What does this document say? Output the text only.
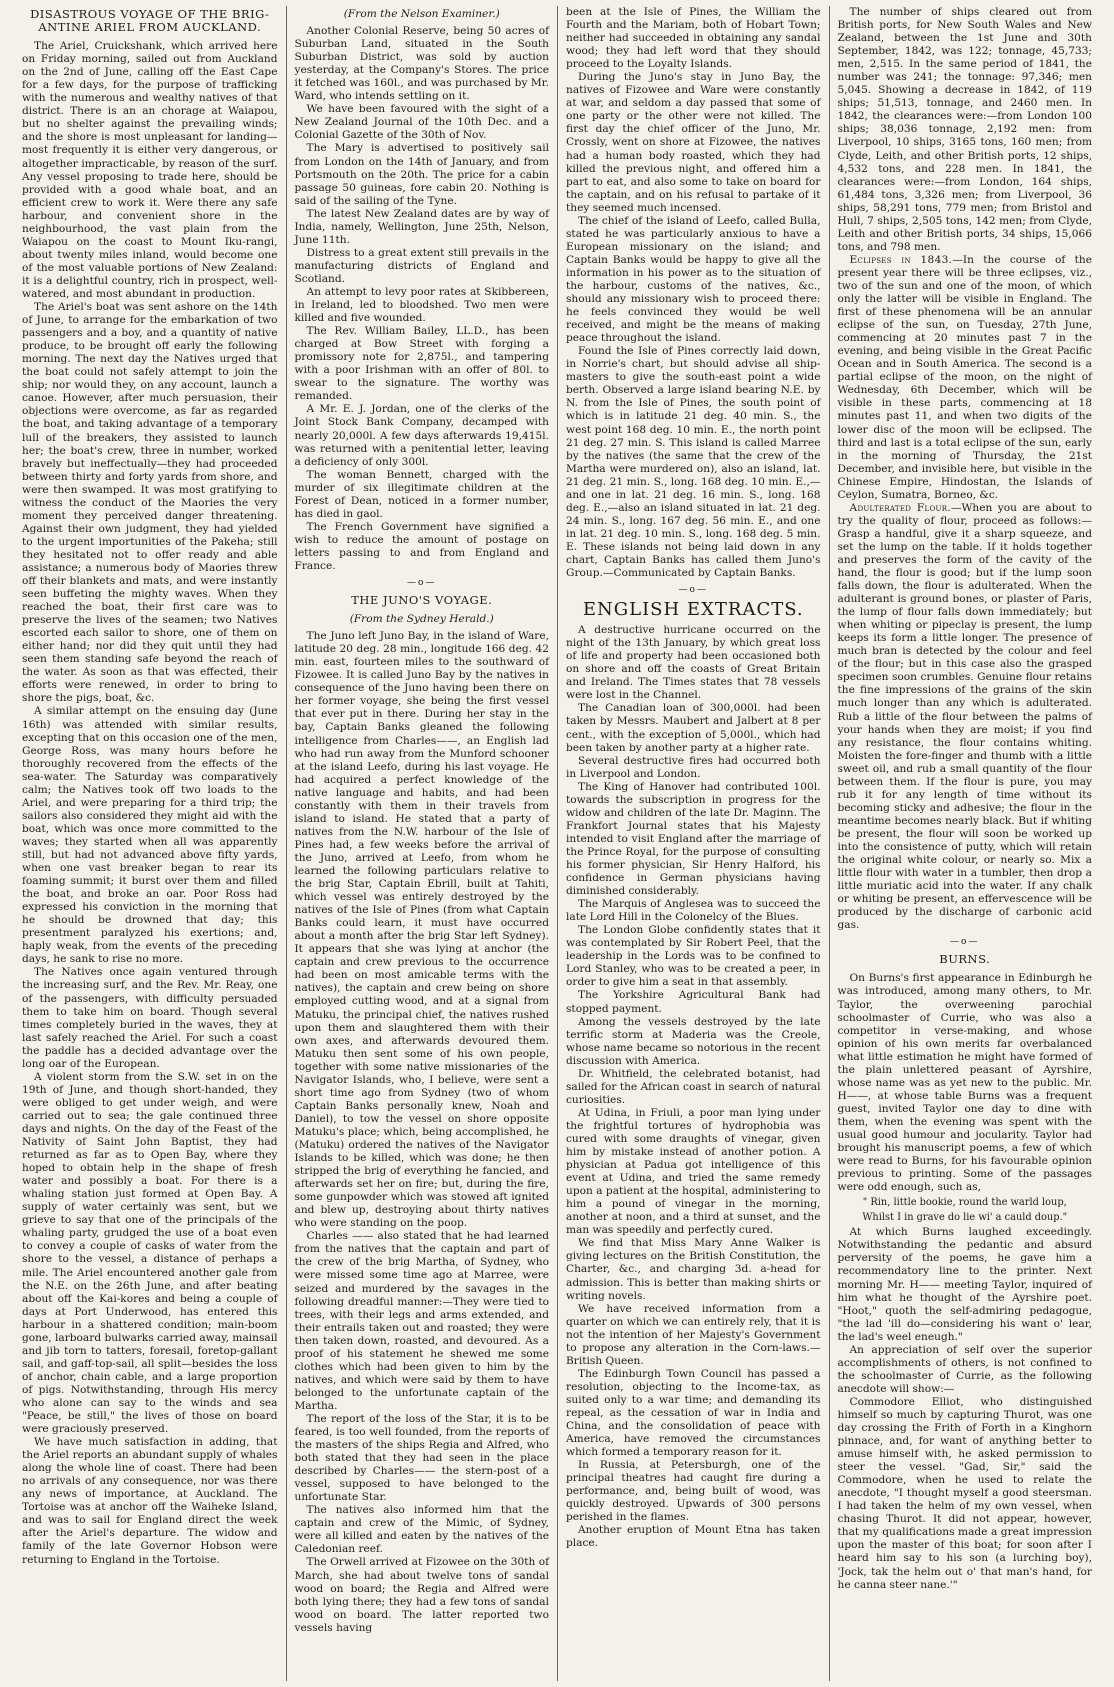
DISASTROUS VOYAGE OF THE BRIG-ANTINE ARIEL FROM AUCKLAND.

The Ariel, Cruickshank, which arrived here on Friday morning, sailed out from Auckland on the 2nd of June, calling off the East Cape for a few days, for the purpose of trafficking with the numerous and wealthy natives of that district. There is an an chorage at Waiapou, but no shelter against the prevailing winds; and the shore is most unpleasant for landing—most frequently it is either very dangerous, or altogether impracticable, by reason of the surf. Any vessel proposing to trade here, should be provided with a good whale boat, and an efficient crew to work it. Were there any safe harbour, and convenient shore in the neighbourhood, the vast plain from the Waiapou on the coast to Mount Iku-rangi, about twenty miles inland, would become one of the most valuable portions of New Zealand: it is a delightful country, rich in prospect, well-watered, and most abundant in production.

The Ariel's boat was sent ashore on the 14th of June, to arrange for the embarkation of two passengers and a boy, and a quantity of native produce, to be brought off early the following morning. The next day the Natives urged that the boat could not safely attempt to join the ship; nor would they, on any account, launch a canoe. However, after much persuasion, their objections were overcome, as far as regarded the boat, and taking advantage of a temporary lull of the breakers, they assisted to launch her; the boat's crew, three in number, worked bravely but ineffectually—they had proceeded between thirty and forty yards from shore, and were then swamped. It was most gratifying to witness the conduct of the Maories the very moment they perceived danger threatening. Against their own judgment, they had yielded to the urgent importunities of the Pakeha; still they hesitated not to offer ready and able assistance; a numerous body of Maories threw off their blankets and mats, and were instantly seen buffeting the mighty waves. When they reached the boat, their first care was to preserve the lives of the seamen; two Natives escorted each sailor to shore, one of them on either hand; nor did they quit until they had seen them standing safe beyond the reach of the water. As soon as that was effected, their efforts were renewed, in order to bring to shore the pigs, boat, &c.

A similar attempt on the ensuing day (June 16th) was attended with similar results, excepting that on this occasion one of the men, George Ross, was many hours before he thoroughly recovered from the effects of the sea-water. The Saturday was comparatively calm; the Natives took off two loads to the Ariel, and were preparing for a third trip; the sailors also considered they might aid with the boat, which was once more committed to the waves; they started when all was apparently still, but had not advanced above fifty yards, when one vast breaker began to rear its foaming summit; it burst over them and filled the boat, and broke an oar. Poor Ross had expressed his conviction in the morning that he should be drowned that day; this presentment paralyzed his exertions; and, haply weak, from the events of the preceding days, he sank to rise no more.

The Natives once again ventured through the increasing surf, and the Rev. Mr. Reay, one of the passengers, with difficulty persuaded them to take him on board. Though several times completely buried in the waves, they at last safely reached the Ariel. For such a coast the paddle has a decided advantage over the long oar of the European.

A violent storm from the S.W. set in on the 19th of June, and though short-handed, they were obliged to get under weigh, and were carried out to sea; the gale continued three days and nights. On the day of the Feast of the Nativity of Saint John Baptist, they had returned as far as to Open Bay, where they hoped to obtain help in the shape of fresh water and possibly a boat. For there is a whaling station just formed at Open Bay. A supply of water certainly was sent, but we grieve to say that one of the principals of the whaling party, grudged the use of a boat even to convey a couple of casks of water from the shore to the vessel, a distance of perhaps a mile. The Ariel encountered another gale from the N.E. on the 26th June, and after beating about off the Kai-kores and being a couple of days at Port Underwood, has entered this harbour in a shattered condition; main-boom gone, larboard bulwarks carried away, mainsail and jib torn to tatters, foresail, foretop-gallant sail, and gaff-top-sail, all split—besides the loss of anchor, chain cable, and a large proportion of pigs. Notwithstanding, through His mercy who alone can say to the winds and sea "Peace, be still," the lives of those on board were graciously preserved.

We have much satisfaction in adding, that the Ariel reports an abundant supply of whales along the whole line of coast. There had been no arrivals of any consequence, nor was there any news of importance, at Auckland. The Tortoise was at anchor off the Waiheke Island, and was to sail for England direct the week after the Ariel's departure. The widow and family of the late Governor Hobson were returning to England in the Tortoise.

(From the Nelson Examiner.)

Another Colonial Reserve, being 50 acres of Suburban Land, situated in the South Suburban District, was sold by auction yesterday, at the Company's Stores. The price it fetched was 160l., and was purchased by Mr. Ward, who intends settling on it.

We have been favoured with the sight of a New Zealand Journal of the 10th Dec. and a Colonial Gazette of the 30th of Nov.

The Mary is advertised to positively sail from London on the 14th of January, and from Portsmouth on the 20th. The price for a cabin passage 50 guineas, fore cabin 20. Nothing is said of the sailing of the Tyne.

The latest New Zealand dates are by way of India, namely, Wellington, June 25th, Nelson, June 11th.

Distress to a great extent still prevails in the manufacturing districts of England and Scotland.

An attempt to levy poor rates at Skibbereen, in Ireland, led to bloodshed. Two men were killed and five wounded.

The Rev. William Bailey, LL.D., has been charged at Bow Street with forging a promissory note for 2,875l., and tampering with a poor Irishman with an offer of 80l. to swear to the signature. The worthy was remanded.

A Mr. E. J. Jordan, one of the clerks of the Joint Stock Bank Company, decamped with nearly 20,000l. A few days afterwards 19,415l. was returned with a penitential letter, leaving a deficiency of only 300l.

The woman Bennett, charged with the murder of six illegitimate children at the Forest of Dean, noticed in a former number, has died in gaol.

The French Government have signified a wish to reduce the amount of postage on letters passing to and from England and France.

—o—

THE JUNO'S VOYAGE.

(From the Sydney Herald.)

The Juno left Juno Bay, in the island of Ware, latitude 20 deg. 28 min., longitude 166 deg. 42 min. east, fourteen miles to the southward of Fizowee. It is called Juno Bay by the natives in consequence of the Juno having been there on her former voyage, she being the first vessel that ever put in there. During her stay in the bay, Captain Banks gleaned the following intelligence from Charles——, an English lad who had run away from the Munford schooner at the island Leefo, during his last voyage. He had acquired a perfect knowledge of the native language and habits, and had been constantly with them in their travels from island to island. He stated that a party of natives from the N.W. harbour of the Isle of Pines had, a few weeks before the arrival of the Juno, arrived at Leefo, from whom he learned the following particulars relative to the brig Star, Captain Ebrill, built at Tahiti, which vessel was entirely destroyed by the natives of the Isle of Pines (from what Captain Banks could learn, it must have occurred about a month after the brig Star left Sydney). It appears that she was lying at anchor (the captain and crew previous to the occurrence had been on most amicable terms with the natives), the captain and crew being on shore employed cutting wood, and at a signal from Matuku, the principal chief, the natives rushed upon them and slaughtered them with their own axes, and afterwards devoured them. Matuku then sent some of his own people, together with some native missionaries of the Navigator Islands, who, I believe, were sent a short time ago from Sydney (two of whom Captain Banks personally knew, Noah and Daniel), to tow the vessel on shore opposite Matuku's place; which, being accomplished, he (Matuku) ordered the natives of the Navigator Islands to be killed, which was done; he then stripped the brig of everything he fancied, and afterwards set her on fire; but, during the fire, some gunpowder which was stowed aft ignited and blew up, destroying about thirty natives who were standing on the poop.

Charles —— also stated that he had learned from the natives that the captain and part of the crew of the brig Martha, of Sydney, who were missed some time ago at Marree, were seized and murdered by the savages in the following dreadful manner:—They were tied to trees, with their legs and arms extended, and their entrails taken out and roasted; they were then taken down, roasted, and devoured. As a proof of his statement he shewed me some clothes which had been given to him by the natives, and which were said by them to have belonged to the unfortunate captain of the Martha.

The report of the loss of the Star, it is to be feared, is too well founded, from the reports of the masters of the ships Regia and Alfred, who both stated that they had seen in the place described by Charles—— the stern-post of a vessel, supposed to have belonged to the unfortunate Star.

The natives also informed him that the captain and crew of the Mimic, of Sydney, were all killed and eaten by the natives of the Caledonian reef.

The Orwell arrived at Fizowee on the 30th of March, she had about twelve tons of sandal wood on board; the Regia and Alfred were both lying there; they had a few tons of sandal wood on board. The latter reported two vessels having

been at the Isle of Pines, the William the Fourth and the Mariam, both of Hobart Town; neither had succeeded in obtaining any sandal wood; they had left word that they should proceed to the Loyalty Islands.

During the Juno's stay in Juno Bay, the natives of Fizowee and Ware were constantly at war, and seldom a day passed that some of one party or the other were not killed. The first day the chief officer of the Juno, Mr. Crossly, went on shore at Fizowee, the natives had a human body roasted, which they had killed the previous night, and offered him a part to eat, and also some to take on board for the captain, and on his refusal to partake of it they seemed much incensed.

The chief of the island of Leefo, called Bulla, stated he was particularly anxious to have a European missionary on the island; and Captain Banks would be happy to give all the information in his power as to the situation of the harbour, customs of the natives, &c., should any missionary wish to proceed there: he feels convinced they would be well received, and might be the means of making peace throughout the island.

Found the Isle of Pines correctly laid down, in Norrie's chart, but should advise all ship-masters to give the south-east point a wide berth. Observed a large island bearing N.E. by N. from the Isle of Pines, the south point of which is in latitude 21 deg. 40 min. S., the west point 168 deg. 10 min. E., the north point 21 deg. 27 min. S. This island is called Marree by the natives (the same that the crew of the Martha were murdered on), also an island, lat. 21 deg. 21 min. S., long. 168 deg. 10 min. E.,—and one in lat. 21 deg. 16 min. S., long. 168 deg. E.,—also an island situated in lat. 21 deg. 24 min. S., long. 167 deg. 56 min. E., and one in lat. 21 deg. 10 min. S., long. 168 deg. 5 min. E. These islands not being laid down in any chart, Captain Banks has called them Juno's Group.—Communicated by Captain Banks.

—o—
ENGLISH EXTRACTS.

A destructive hurricane occurred on the night of the 13th January, by which great loss of life and property had been occasioned both on shore and off the coasts of Great Britain and Ireland. The Times states that 78 vessels were lost in the Channel.

The Canadian loan of 300,000l. had been taken by Messrs. Maubert and Jalbert at 8 per cent., with the exception of 5,000l., which had been taken by another party at a higher rate.

Several destructive fires had occurred both in Liverpool and London.

The King of Hanover had contributed 100l. towards the subscription in progress for the widow and children of the late Dr. Maginn. The Frankfort Journal states that his Majesty intended to visit England after the marriage of the Prince Royal, for the purpose of consulting his former physician, Sir Henry Halford, his confidence in German physicians having diminished considerably.

The Marquis of Anglesea was to succeed the late Lord Hill in the Colonelcy of the Blues.

The London Globe confidently states that it was contemplated by Sir Robert Peel, that the leadership in the Lords was to be confined to Lord Stanley, who was to be created a peer, in order to give him a seat in that assembly.

The Yorkshire Agricultural Bank had stopped payment.

Among the vessels destroyed by the late terrific storm at Maderia was the Creole, whose name became so notorious in the recent discussion with America.

Dr. Whitfield, the celebrated botanist, had sailed for the African coast in search of natural curiosities.

At Udina, in Friuli, a poor man lying under the frightful tortures of hydrophobia was cured with some draughts of vinegar, given him by mistake instead of another potion. A physician at Padua got intelligence of this event at Udina, and tried the same remedy upon a patient at the hospital, administering to him a pound of vinegar in the morning, another at noon, and a third at sunset, and the man was speedily and perfectly cured.

We find that Miss Mary Anne Walker is giving lectures on the British Constitution, the Charter, &c., and charging 3d. a-head for admission. This is better than making shirts or writing novels.

We have received information from a quarter on which we can entirely rely, that it is not the intention of her Majesty's Government to propose any alteration in the Corn-laws.—British Queen.

The Edinburgh Town Council has passed a resolution, objecting to the Income-tax, as suited only to a war time; and demanding its repeal, as the cessation of war in India and China, and the consolidation of peace with America, have removed the circumstances which formed a temporary reason for it.

In Russia, at Petersburgh, one of the principal theatres had caught fire during a performance, and, being built of wood, was quickly destroyed. Upwards of 300 persons perished in the flames.

Another eruption of Mount Etna has taken place.

The number of ships cleared out from British ports, for New South Wales and New Zealand, between the 1st June and 30th September, 1842, was 122; tonnage, 45,733; men, 2,515. In the same period of 1841, the number was 241; the tonnage: 97,346; men 5,045. Showing a decrease in 1842, of 119 ships; 51,513, tonnage, and 2460 men. In 1842, the clearances were:—from London 100 ships; 38,036 tonnage, 2,192 men: from Liverpool, 10 ships, 3165 tons, 160 men; from Clyde, Leith, and other British ports, 12 ships, 4,532 tons, and 228 men. In 1841, the clearances were:—from London, 164 ships, 61,484 tons, 3,326 men; from Liverpool, 36 ships, 58,291 tons, 779 men; from Bristol and Hull, 7 ships, 2,505 tons, 142 men; from Clyde, Leith and other British ports, 34 ships, 15,066 tons, and 798 men.

Eclipses in 1843.—In the course of the present year there will be three eclipses, viz., two of the sun and one of the moon, of which only the latter will be visible in England. The first of these phenomena will be an annular eclipse of the sun, on Tuesday, 27th June, commencing at 20 minutes past 7 in the evening, and being visible in the Great Pacific Ocean and in South America. The second is a partial eclipse of the moon, on the night of Wednesday, 6th December, which will be visible in these parts, commencing at 18 minutes past 11, and when two digits of the lower disc of the moon will be eclipsed. The third and last is a total eclipse of the sun, early in the morning of Thursday, the 21st December, and invisible here, but visible in the Chinese Empire, Hindostan, the Islands of Ceylon, Sumatra, Borneo, &c.

Adulterated Flour.—When you are about to try the quality of flour, proceed as follows:—Grasp a handful, give it a sharp squeeze, and set the lump on the table. If it holds together and preserves the form of the cavity of the hand, the flour is good; but if the lump soon falls down, the flour is adulterated. When the adulterant is ground bones, or plaster of Paris, the lump of flour falls down immediately; but when whiting or pipeclay is present, the lump keeps its form a little longer. The presence of much bran is detected by the colour and feel of the flour; but in this case also the grasped specimen soon crumbles. Genuine flour retains the fine impressions of the grains of the skin much longer than any which is adulterated. Rub a little of the flour between the palms of your hands when they are moist; if you find any resistance, the flour contains whiting. Moisten the fore-finger and thumb with a little sweet oil, and rub a small quantity of the flour between them. If the flour is pure, you may rub it for any length of time without its becoming sticky and adhesive; the flour in the meantime becomes nearly black. But if whiting be present, the flour will soon be worked up into the consistence of putty, which will retain the original white colour, or nearly so. Mix a little flour with water in a tumbler, then drop a little muriatic acid into the water. If any chalk or whiting be present, an effervescence will be produced by the discharge of carbonic acid gas.

—o—

BURNS.

On Burns's first appearance in Edinburgh he was introduced, among many others, to Mr. Taylor, the overweening parochial schoolmaster of Currie, who was also a competitor in verse-making, and whose opinion of his own merits far overbalanced what little estimation he might have formed of the plain unlettered peasant of Ayrshire, whose name was as yet new to the public. Mr. H——, at whose table Burns was a frequent guest, invited Taylor one day to dine with them, when the evening was spent with the usual good humour and jocularity. Taylor had brought his manuscript poems, a few of which were read to Burns, for his favourable opinion previous to printing. Some of the passages were odd enough, such as,

" Rin, little bookie, round the warld loup,

Whilst I in grave do lie wi' a cauld doup."

At which Burns laughed exceedingly. Notwithstanding the pedantic and absurd perversity of the poems, he gave him a recommendatory line to the printer. Next morning Mr. H—— meeting Taylor, inquired of him what he thought of the Ayrshire poet. "Hoot," quoth the self-admiring pedagogue, "the lad 'ill do—considering his want o' lear, the lad's weel eneugh."

An appreciation of self over the superior accomplishments of others, is not confined to the schoolmaster of Currie, as the following anecdote will show:—

Commodore Elliot, who distinguished himself so much by capturing Thurot, was one day crossing the Frith of Forth in a Kinghorn pinnace, and, for want of anything better to amuse himself with, he asked permission to steer the vessel. "Gad, Sir," said the Commodore, when he used to relate the anecdote, "I thought myself a good steersman. I had taken the helm of my own vessel, when chasing Thurot. It did not appear, however, that my qualifications made a great impression upon the master of this boat; for soon after I heard him say to his son (a lurching boy), 'Jock, tak the helm out o' that man's hand, for he canna steer nane.'"
